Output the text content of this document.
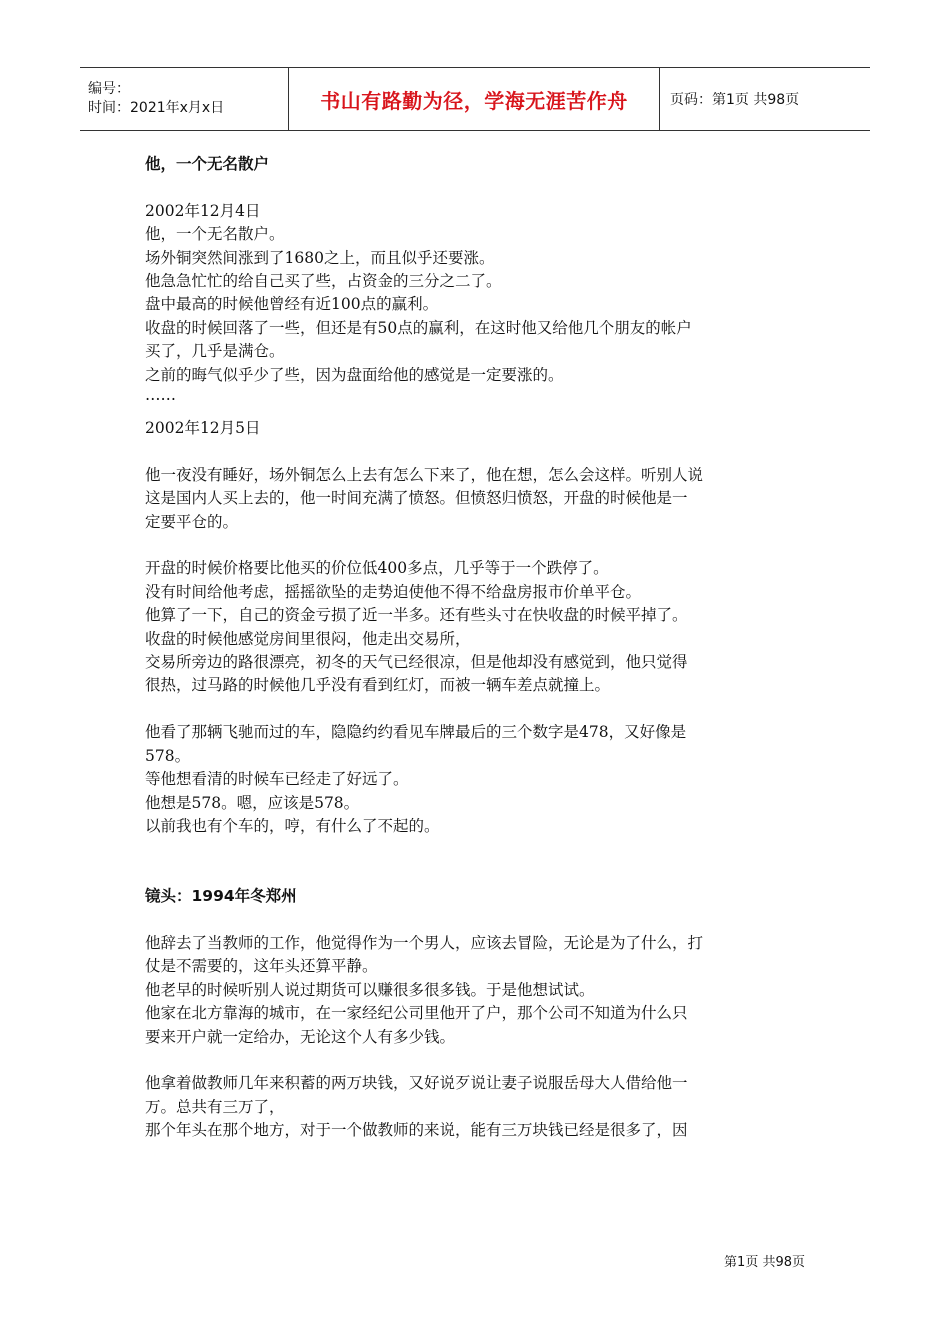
编号：
时间：2021年x月x日	书山有路勤为径，学海无涯苦作舟	页码：第1页 共98页

他，一个无名散户

2002年12月4日

他，一个无名散户。

场外铜突然间涨到了1680之上，而且似乎还要涨。

他急急忙忙的给自己买了些，占资金的三分之二了。

盘中最高的时候他曾经有近100点的赢利。

收盘的时候回落了一些，但还是有50点的赢利，在这时他又给他几个朋友的帐户

买了，几乎是满仓。

之前的晦气似乎少了些，因为盘面给他的感觉是一定要涨的。

……

2002年12月5日

他一夜没有睡好，场外铜怎么上去有怎么下来了，他在想，怎么会这样。听别人说

这是国内人买上去的，他一时间充满了愤怒。但愤怒归愤怒，开盘的时候他是一

定要平仓的。

开盘的时候价格要比他买的价位低400多点，几乎等于一个跌停了。

没有时间给他考虑，摇摇欲坠的走势迫使他不得不给盘房报市价单平仓。

他算了一下，自己的资金亏损了近一半多。还有些头寸在快收盘的时候平掉了。

收盘的时候他感觉房间里很闷，他走出交易所，

交易所旁边的路很漂亮，初冬的天气已经很凉，但是他却没有感觉到，他只觉得

很热，过马路的时候他几乎没有看到红灯，而被一辆车差点就撞上。

他看了那辆飞驰而过的车，隐隐约约看见车牌最后的三个数字是478，又好像是

578。

等他想看清的时候车已经走了好远了。

他想是578。嗯，应该是578。

以前我也有个车的，哼，有什么了不起的。

镜头：1994年冬郑州

他辞去了当教师的工作，他觉得作为一个男人，应该去冒险，无论是为了什么，打

仗是不需要的，这年头还算平静。

他老早的时候听别人说过期货可以赚很多很多钱。于是他想试试。

他家在北方靠海的城市，在一家经纪公司里他开了户，那个公司不知道为什么只

要来开户就一定给办，无论这个人有多少钱。

他拿着做教师几年来积蓄的两万块钱，又好说歹说让妻子说服岳母大人借给他一

万。总共有三万了，

那个年头在那个地方，对于一个做教师的来说，能有三万块钱已经是很多了，因

第1页 共98页
